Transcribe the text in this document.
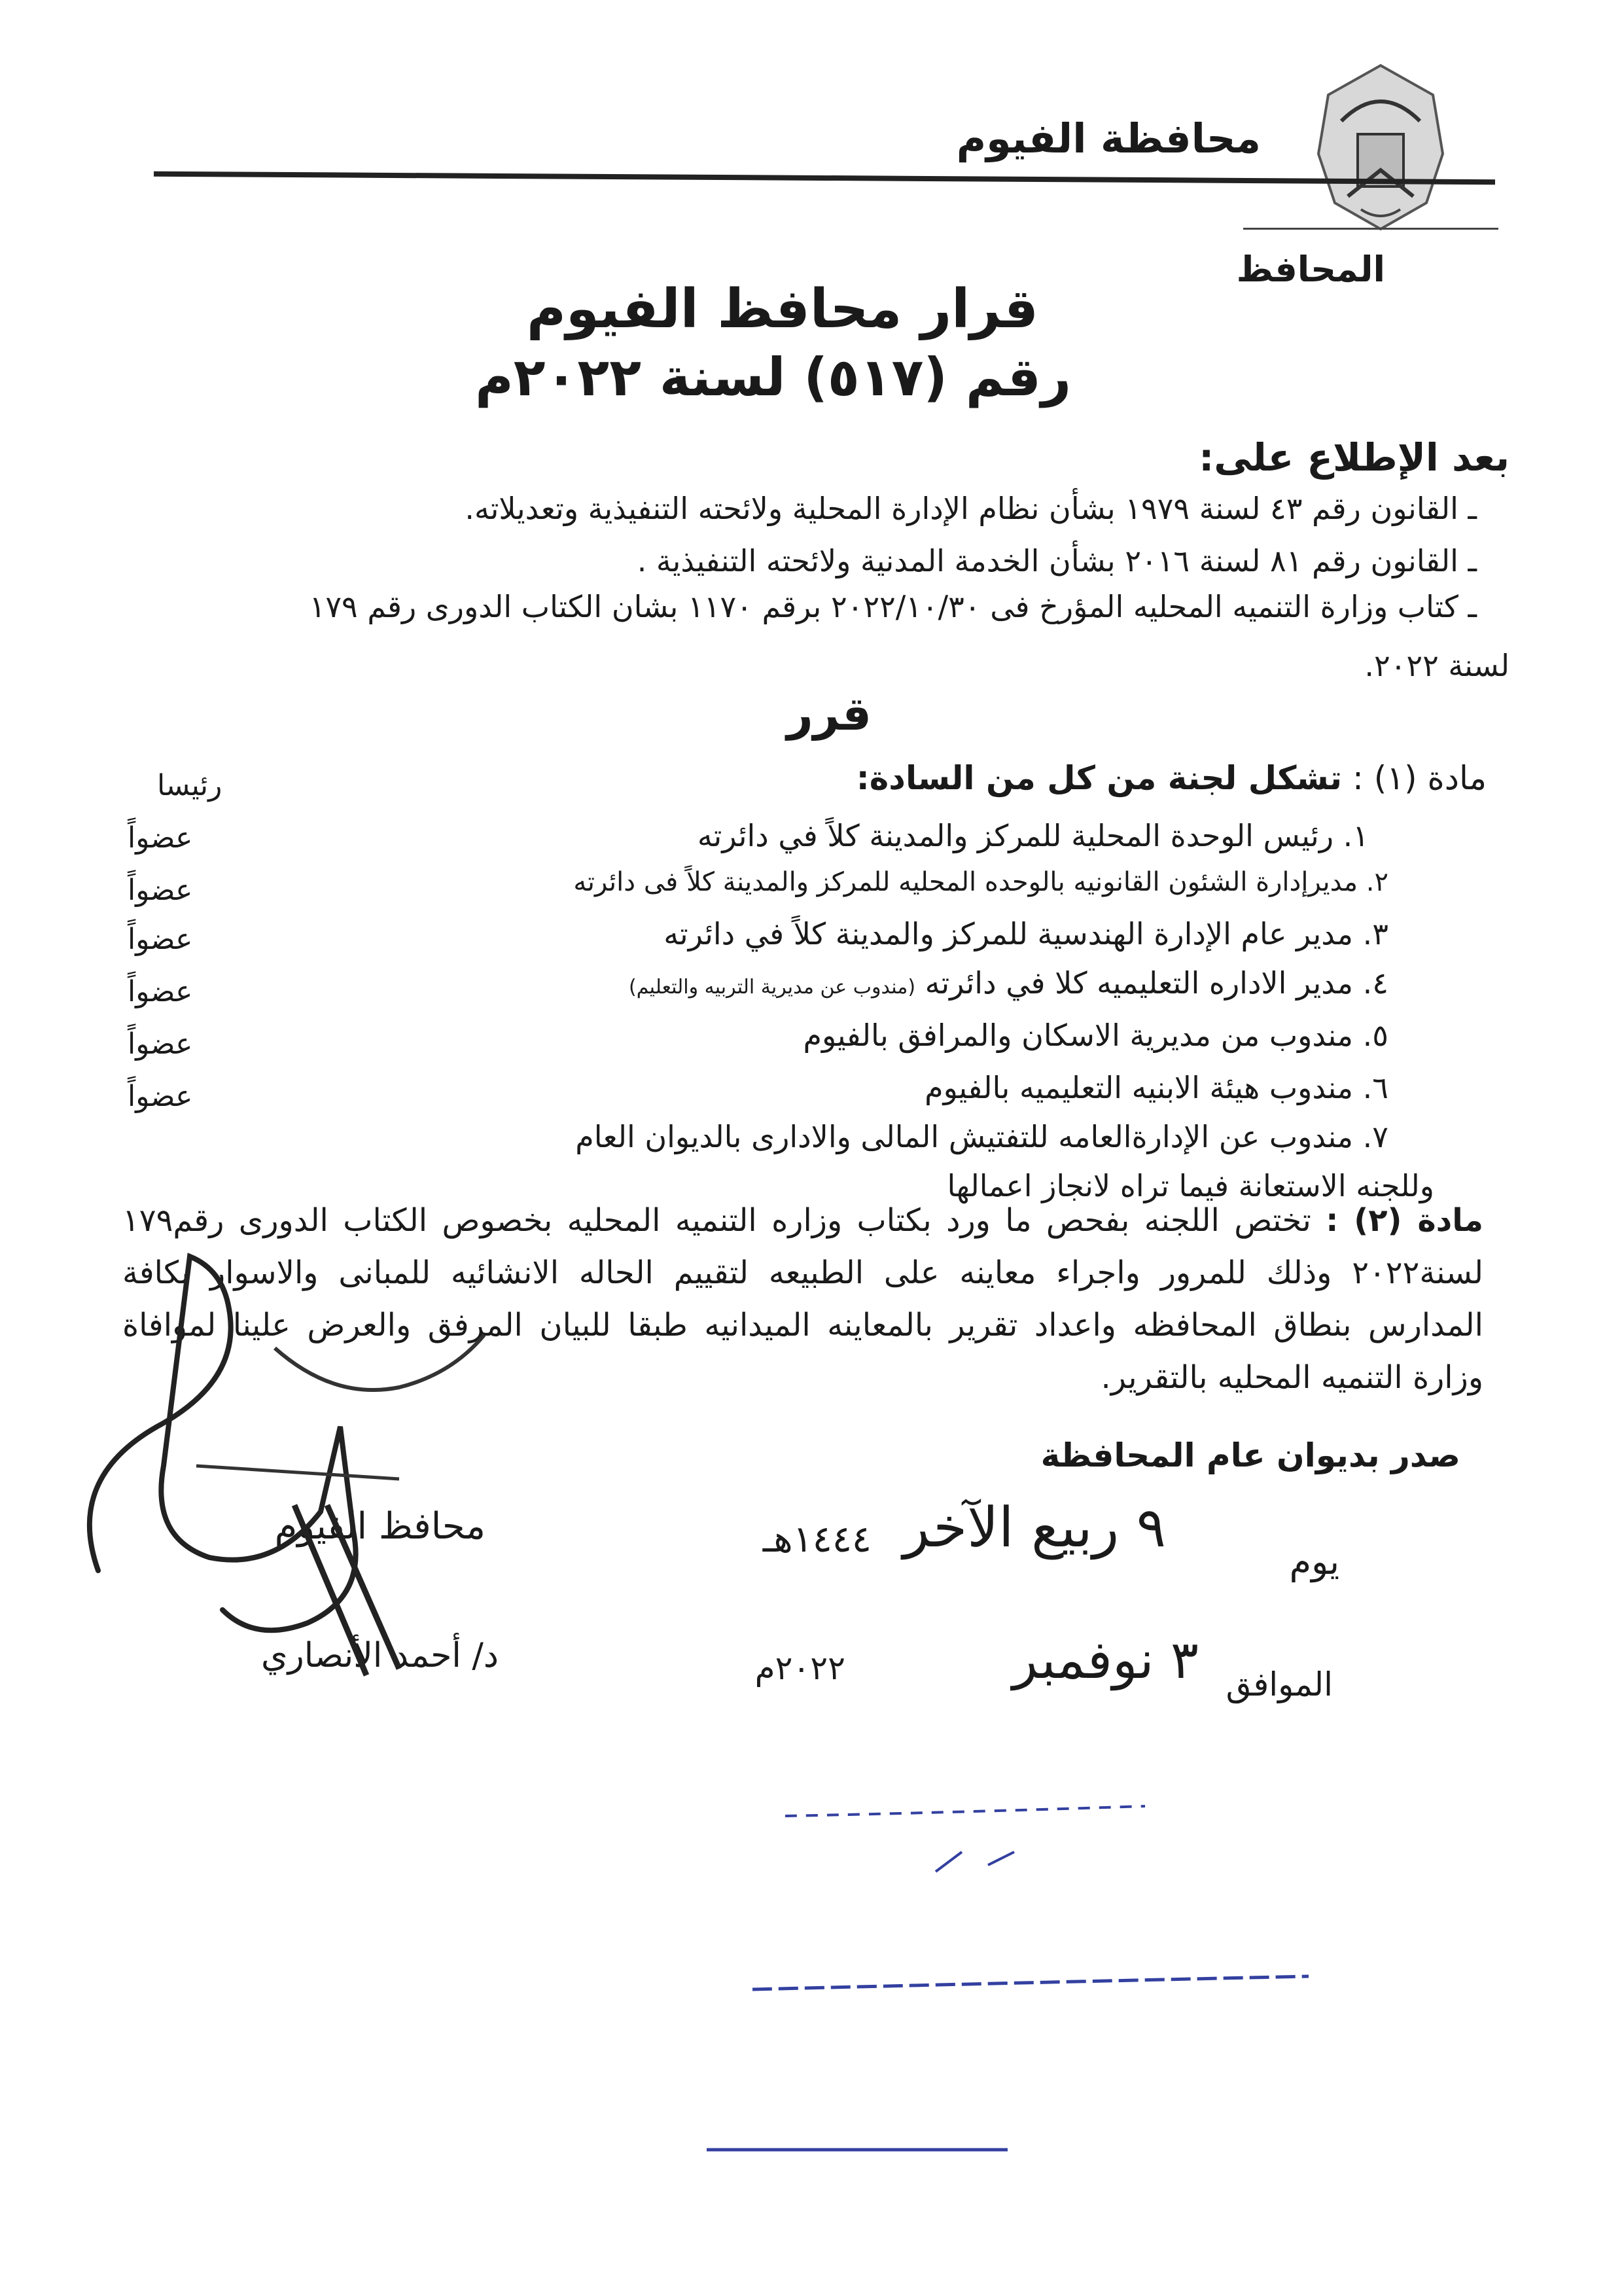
محافظة الفيوم
المحافظ
قرار محافظ الفيوم
رقم (٥١٧) لسنة ٢٠٢٢م
بعد الإطلاع على:
ـ القانون رقم ٤٣ لسنة ١٩٧٩ بشأن نظام الإدارة المحلية ولائحته التنفيذية وتعديلاته.
ـ القانون رقم ٨١ لسنة ٢٠١٦ بشأن الخدمة المدنية ولائحته التنفيذية .
ـ كتاب وزارة التنميه المحليه المؤرخ فى ٢٠٢٢/١٠/٣٠ برقم ١١٧٠ بشان الكتاب الدورى رقم ١٧٩
لسنة ٢٠٢٢.
قرر
مادة (١) : تشكل لجنة من كل من السادة:
١. رئيس الوحدة المحلية للمركز والمدينة كلاً في دائرته
٢. مديرإدارة الشئون القانونيه بالوحده المحليه للمركز والمدينة كلاً فى دائرته
٣. مدير عام الإدارة الهندسية للمركز والمدينة كلاً في دائرته
٤. مدير الاداره التعليميه كلا في دائرته (مندوب عن مديرية التربيه والتعليم)
٥. مندوب من مديرية الاسكان والمرافق بالفيوم
٦. مندوب هيئة الابنيه التعليميه بالفيوم
٧. مندوب عن الإدارةالعامه للتفتيش المالى والادارى بالديوان العام
رئيسا
عضواً
عضواً
عضواً
عضواً
عضواً
عضواً
وللجنه الاستعانة فيما تراه لانجاز اعمالها
مادة (٢) : تختص اللجنه بفحص ما ورد بكتاب وزاره التنميه المحليه بخصوص الكتاب الدورى رقم١٧٩ لسنة٢٠٢٢ وذلك للمرور واجراء معاينه على الطبيعه لتقييم الحاله الانشائيه للمبانى والاسوار بكافة المدارس بنطاق المحافظه واعداد تقرير بالمعاينه الميدانيه طبقا للبيان المرفق والعرض علينا لموافاة وزارة التنميه المحليه بالتقرير.
صدر بديوان عام المحافظة
يوم
٩ ربيع الآخر
١٤٤٤هـ
الموافق
٣ نوفمبر
٢٠٢٢م
محافظ الفيوم
د/ أحمد الأنصاري
